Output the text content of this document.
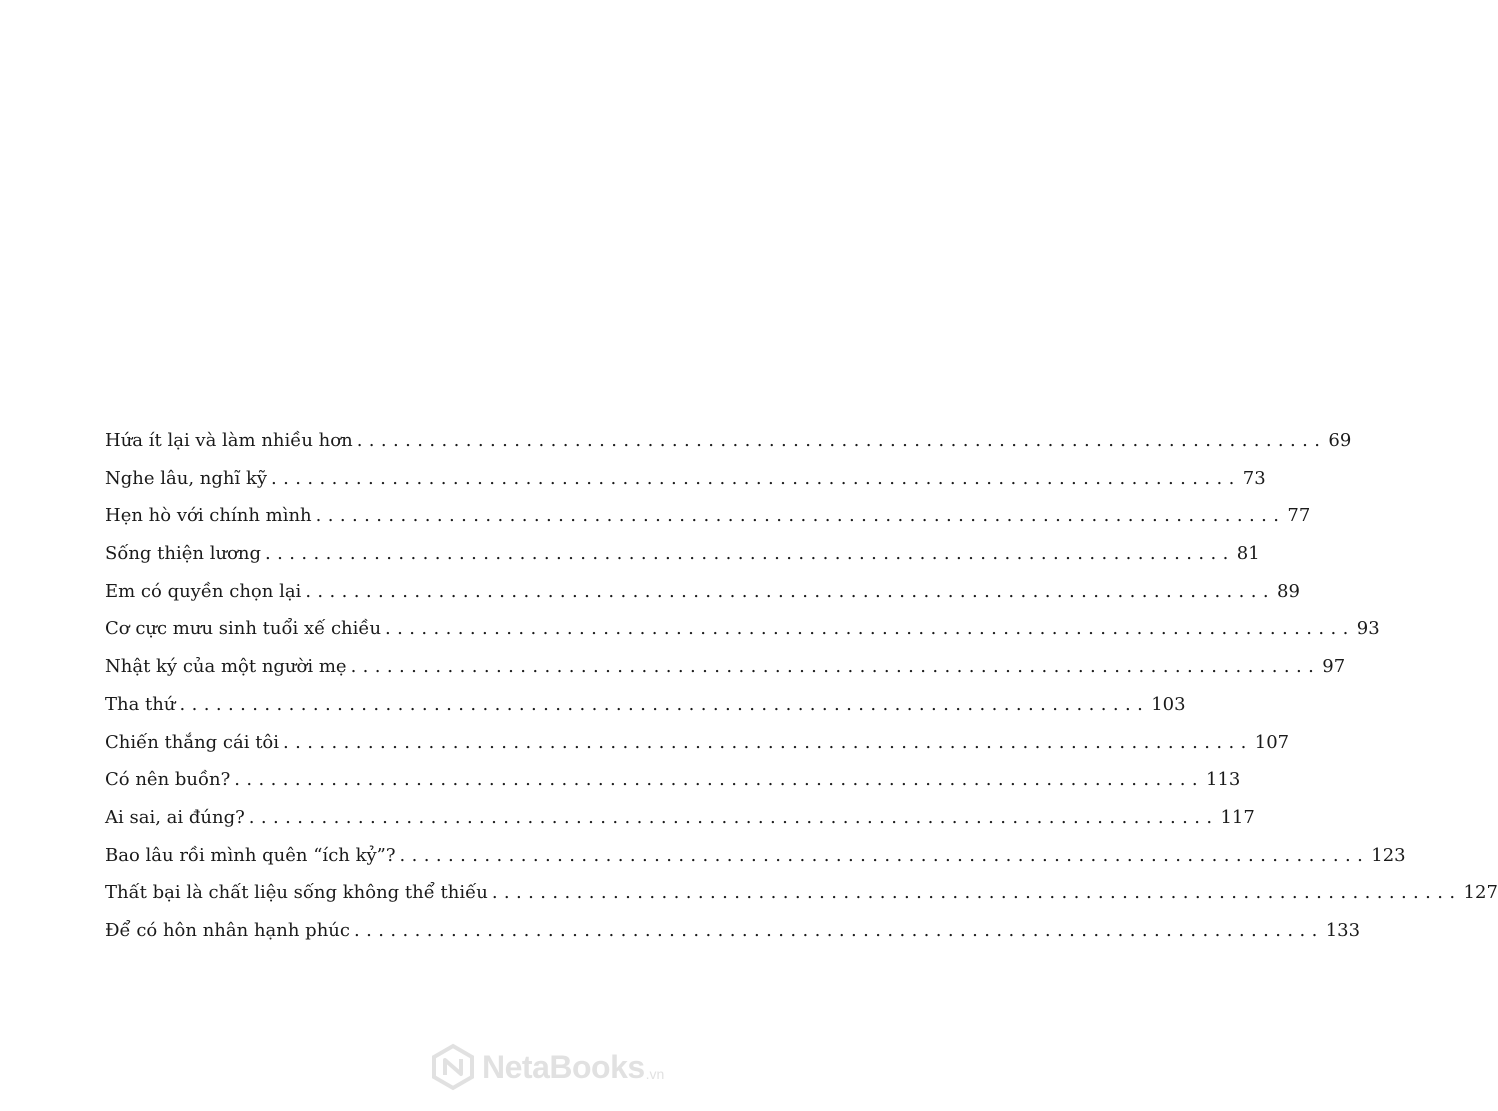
Hứa ít lại và làm nhiều hơn ................................................................................ 69
Nghe lâu, nghĩ kỹ ................................................................................ 73
Hẹn hò với chính mình ................................................................................ 77
Sống thiện lương ................................................................................ 81
Em có quyền chọn lại ................................................................................ 89
Cơ cực mưu sinh tuổi xế chiều ................................................................................ 93
Nhật ký của một người mẹ ................................................................................ 97
Tha thứ ................................................................................ 103
Chiến thắng cái tôi ................................................................................ 107
Có nên buồn? ................................................................................ 113
Ai sai, ai đúng? ................................................................................ 117
Bao lâu rồi mình quên “ích kỷ”? ................................................................................ 123
Thất bại là chất liệu sống không thể thiếu ................................................................................ 127
Để có hôn nhân hạnh phúc ................................................................................ 133
NetaBooks .vn
